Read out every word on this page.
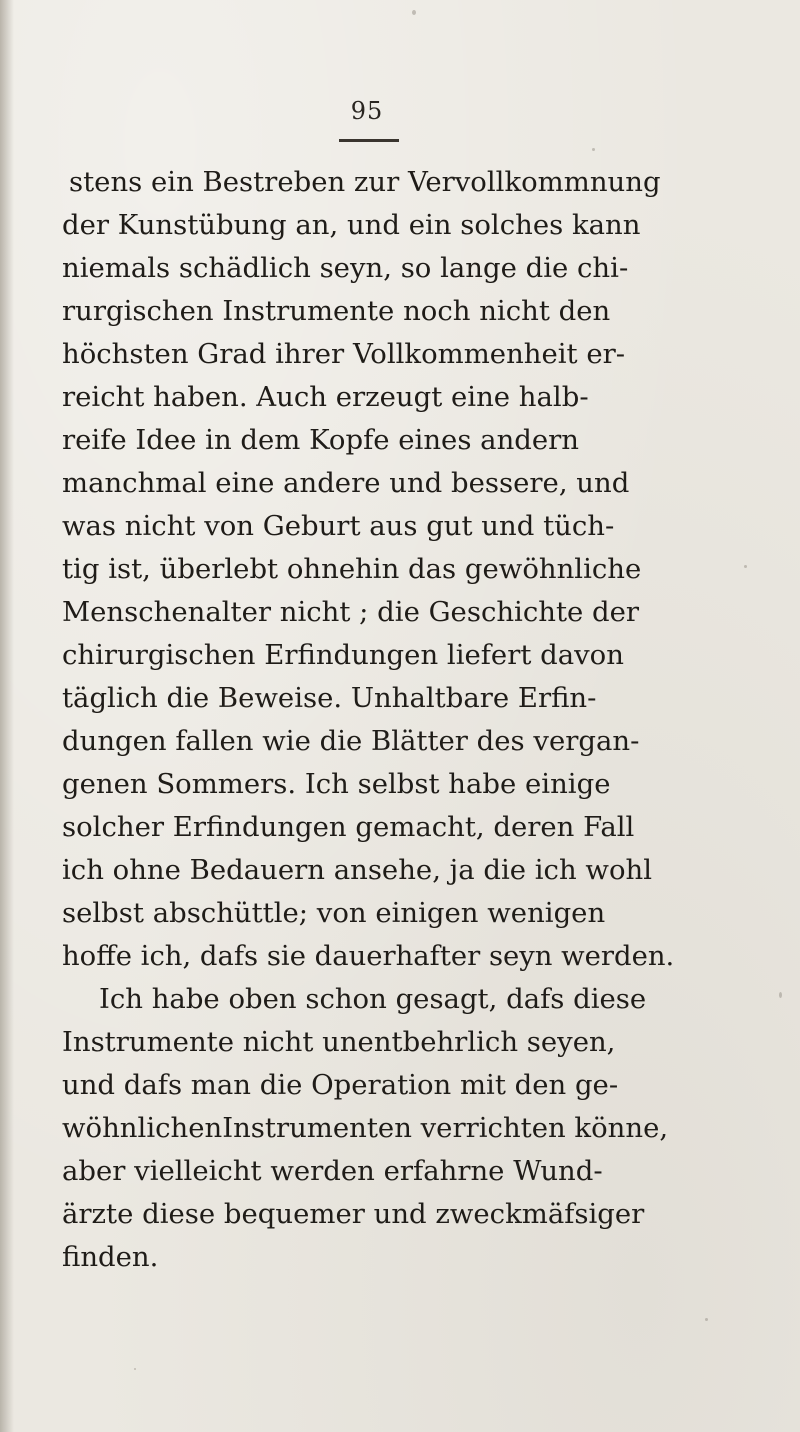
95
stens ein Bestreben zur Vervollkommnung
der Kunstübung an, und ein solches kann
niemals schädlich seyn, so lange die chi-
rurgischen Instrumente noch nicht den
höchsten Grad ihrer Vollkommenheit er-
reicht haben. Auch erzeugt eine halb-
reife Idee in dem Kopfe eines andern
manchmal eine andere und bessere, und
was nicht von Geburt aus gut und tüch-
tig ist, überlebt ohnehin das gewöhnliche
Menschenalter nicht ; die Geschichte der
chirurgischen Erfindungen liefert davon
täglich die Beweise. Unhaltbare Erfin-
dungen fallen wie die Blätter des vergan-
genen Sommers. Ich selbst habe einige
solcher Erfindungen gemacht, deren Fall
ich ohne Bedauern ansehe, ja die ich wohl
selbst abschüttle; von einigen wenigen
hoffe ich, dafs sie dauerhafter seyn werden.
Ich habe oben schon gesagt, dafs diese
Instrumente nicht unentbehrlich seyen,
und dafs man die Operation mit den ge-
wöhnlichenInstrumenten verrichten könne,
aber vielleicht werden erfahrne Wund-
ärzte diese bequemer und zweckmäfsiger
finden.
